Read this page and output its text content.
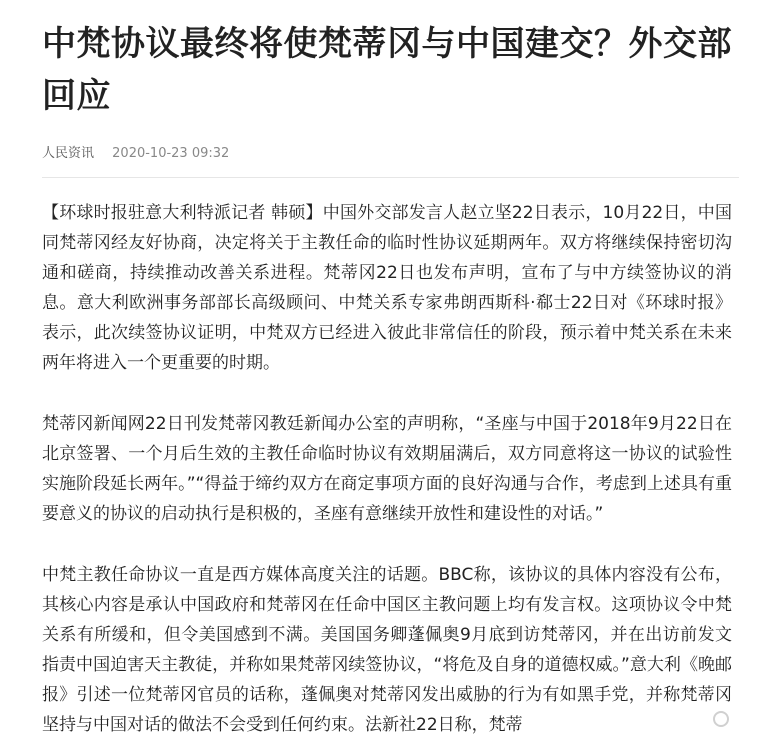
中梵协议最终将使梵蒂冈与中国建交？外交部回应
人民资讯 2020-10-23 09:32

【环球时报驻意大利特派记者 韩硕】中国外交部发言人赵立坚22日表示，10月22日，中国同梵蒂冈经友好协商，决定将关于主教任命的临时性协议延期两年。双方将继续保持密切沟通和磋商，持续推动改善关系进程。梵蒂冈22日也发布声明，宣布了与中方续签协议的消息。意大利欧洲事务部部长高级顾问、中梵关系专家弗朗西斯科·郗士22日对《环球时报》表示，此次续签协议证明，中梵双方已经进入彼此非常信任的阶段，预示着中梵关系在未来两年将进入一个更重要的时期。

梵蒂冈新闻网22日刊发梵蒂冈教廷新闻办公室的声明称，“圣座与中国于2018年9月22日在北京签署、一个月后生效的主教任命临时协议有效期届满后，双方同意将这一协议的试验性实施阶段延长两年。”“得益于缔约双方在商定事项方面的良好沟通与合作，考虑到上述具有重要意义的协议的启动执行是积极的，圣座有意继续开放性和建设性的对话。”

中梵主教任命协议一直是西方媒体高度关注的话题。BBC称，该协议的具体内容没有公布，其核心内容是承认中国政府和梵蒂冈在任命中国区主教问题上均有发言权。这项协议令中梵关系有所缓和，但令美国感到不满。美国国务卿蓬佩奥9月底到访梵蒂冈，并在出访前发文指责中国迫害天主教徒，并称如果梵蒂冈续签协议，“将危及自身的道德权威。”意大利《晚邮报》引述一位梵蒂冈官员的话称，蓬佩奥对梵蒂冈发出威胁的行为有如黑手党，并称梵蒂冈坚持与中国对话的做法不会受到任何约束。法新社22日称，梵蒂
